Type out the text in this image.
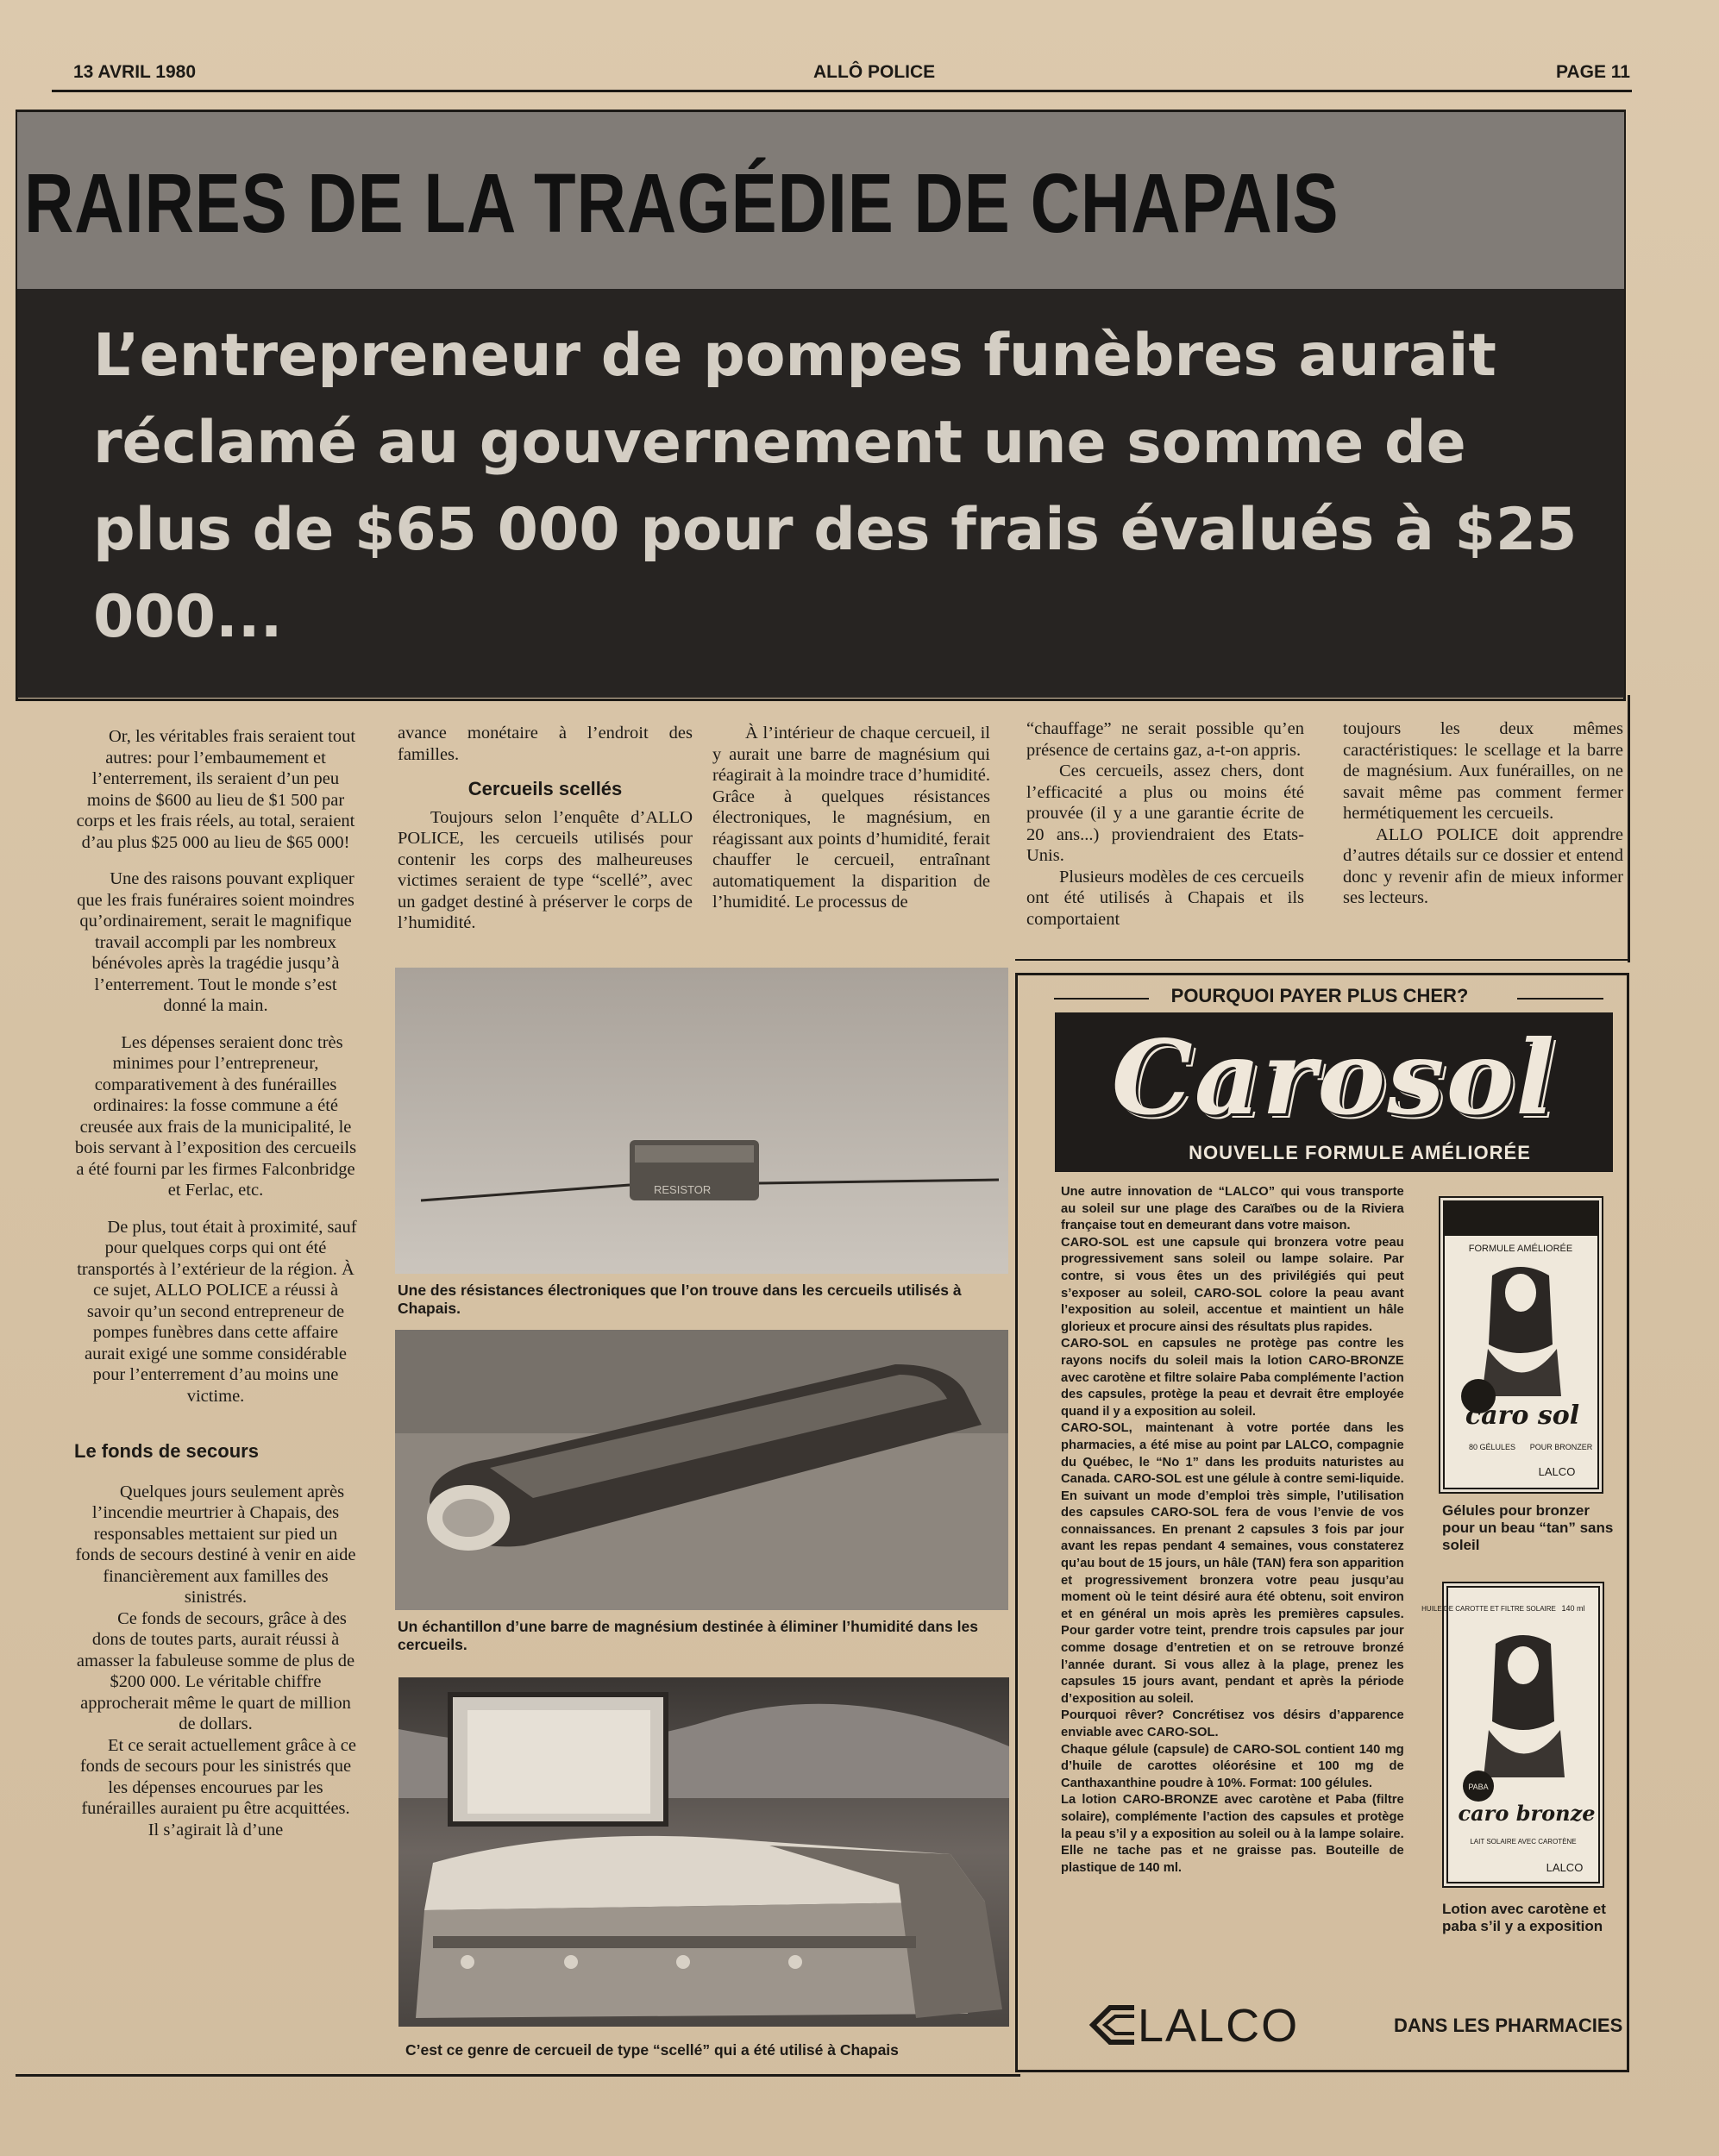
13 AVRIL 1980	ALLÔ POLICE	PAGE 11
RAIRES DE LA TRAGÉDIE DE CHAPAIS
L’entrepreneur de pompes funèbres aurait réclamé au gouvernement une somme de plus de $65 000 pour des frais évalués à $25 000...

Or, les véritables frais seraient tout autres: pour l’embaumement et l’enterrement, ils seraient d’un peu moins de $600 au lieu de $1 500 par corps et les frais réels, au total, seraient d’au plus $25 000 au lieu de $65 000!

Une des raisons pouvant expliquer que les frais funéraires soient moindres qu’ordinairement, serait le magnifique travail accompli par les nombreux bénévoles après la tragédie jusqu’à l’enterrement. Tout le monde s’est donné la main.

Les dépenses seraient donc très minimes pour l’entrepreneur, comparativement à des funérailles ordinaires: la fosse commune a été creusée aux frais de la municipalité, le bois servant à l’exposition des cercueils a été fourni par les firmes Falconbridge et Ferlac, etc.

De plus, tout était à proximité, sauf pour quelques corps qui ont été transportés à l’extérieur de la région. À ce sujet, ALLO POLICE a réussi à savoir qu’un second entrepreneur de pompes funèbres dans cette affaire aurait exigé une somme considérable pour l’enterrement d’au moins une victime.

Le fonds de secours

Quelques jours seulement après l’incendie meurtrier à Chapais, des responsables mettaient sur pied un fonds de secours destiné à venir en aide financièrement aux familles des sinistrés.

Ce fonds de secours, grâce à des dons de toutes parts, aurait réussi à amasser la fabuleuse somme de plus de $200 000. Le véritable chiffre approcherait même le quart de million de dollars.

Et ce serait actuellement grâce à ce fonds de secours pour les sinistrés que les dépenses encourues par les funérailles auraient pu être acquittées. Il s’agirait là d’une

avance monétaire à l’endroit des familles.

Cercueils scellés

Toujours selon l’enquête d’ALLO POLICE, les cercueils utilisés pour contenir les corps des malheureuses victimes seraient de type “scellé”, avec un gadget destiné à préserver le corps de l’humidité.

À l’intérieur de chaque cercueil, il y aurait une barre de magnésium qui réagirait à la moindre trace d’humidité. Grâce à quelques résistances électroniques, le magnésium, en réagissant aux points d’humidité, ferait chauffer le cercueil, entraînant automatiquement la disparition de l’humidité. Le processus de

“chauffage” ne serait possible qu’en présence de certains gaz, a-t-on appris.

Ces cercueils, assez chers, dont l’efficacité a plus ou moins été prouvée (il y a une garantie écrite de 20 ans...) proviendraient des Etats-Unis.

Plusieurs modèles de ces cercueils ont été utilisés à Chapais et ils comportaient

toujours les deux mêmes caractéristiques: le scellage et la barre de magnésium. Aux funérailles, on ne savait même pas comment fermer hermétiquement les cercueils.

ALLO POLICE doit apprendre d’autres détails sur ce dossier et entend donc y revenir afin de mieux informer ses lecteurs.

RESISTOR
Une des résistances électroniques que l’on trouve dans les cercueils utilisés à Chapais.
Un échantillon d’une barre de magnésium destinée à éliminer l’humidité dans les cercueils.
C’est ce genre de cercueil de type “scellé” qui a été utilisé à Chapais
POURQUOI PAYER PLUS CHER?
Carosol
NOUVELLE FORMULE AMÉLIORÉE

Une autre innovation de “LALCO” qui vous transporte au soleil sur une plage des Caraïbes ou de la Riviera française tout en demeurant dans votre maison.

CARO-SOL est une capsule qui bronzera votre peau progressivement sans soleil ou lampe solaire. Par contre, si vous êtes un des privilégiés qui peut s’exposer au soleil, CARO-SOL colore la peau avant l’exposition au soleil, accentue et maintient un hâle glorieux et procure ainsi des résultats plus rapides.

CARO-SOL en capsules ne protège pas contre les rayons nocifs du soleil mais la lotion CARO-BRONZE avec carotène et filtre solaire Paba complémente l’action des capsules, protège la peau et devrait être employée quand il y a exposition au soleil.

CARO-SOL, maintenant à votre portée dans les pharmacies, a été mise au point par LALCO, compagnie du Québec, le “No 1” dans les produits naturistes au Canada. CARO-SOL est une gélule à contre semi-liquide. En suivant un mode d’emploi très simple, l’utilisation des capsules CARO-SOL fera de vous l’envie de vos connaissances. En prenant 2 capsules 3 fois par jour avant les repas pendant 4 semaines, vous constaterez qu’au bout de 15 jours, un hâle (TAN) fera son apparition et progressivement bronzera votre peau jusqu’au moment où le teint désiré aura été obtenu, soit environ et en général un mois après les premières capsules. Pour garder votre teint, prendre trois capsules par jour comme dosage d’entretien et on se retrouve bronzé l’année durant. Si vous allez à la plage, prenez les capsules 15 jours avant, pendant et après la période d’exposition au soleil.

Pourquoi rêver? Concrétisez vos désirs d’apparence enviable avec CARO-SOL.

Chaque gélule (capsule) de CARO-SOL contient 140 mg d’huile de carottes oléorésine et 100 mg de Canthaxanthine poudre à 10%. Format: 100 gélules.

La lotion CARO-BRONZE avec carotène et Paba (filtre solaire), complémente l’action des capsules et protège la peau s’il y a exposition au soleil ou à la lampe solaire. Elle ne tache pas et ne graisse pas. Bouteille de plastique de 140 ml.

FORMULE AMÉLIORÉE
caro sol
80 GÉLULES POUR BRONZER
LALCO
Gélules pour bronzer pour un beau “tan” sans soleil
HUILE DE CAROTTE ET FILTRE SOLAIRE 140 ml
PABA
caro bronze
LAIT SOLAIRE AVEC CAROTÈNE
LALCO
Lotion avec carotène et paba s’il y a exposition
LALCO	DANS LES PHARMACIES
